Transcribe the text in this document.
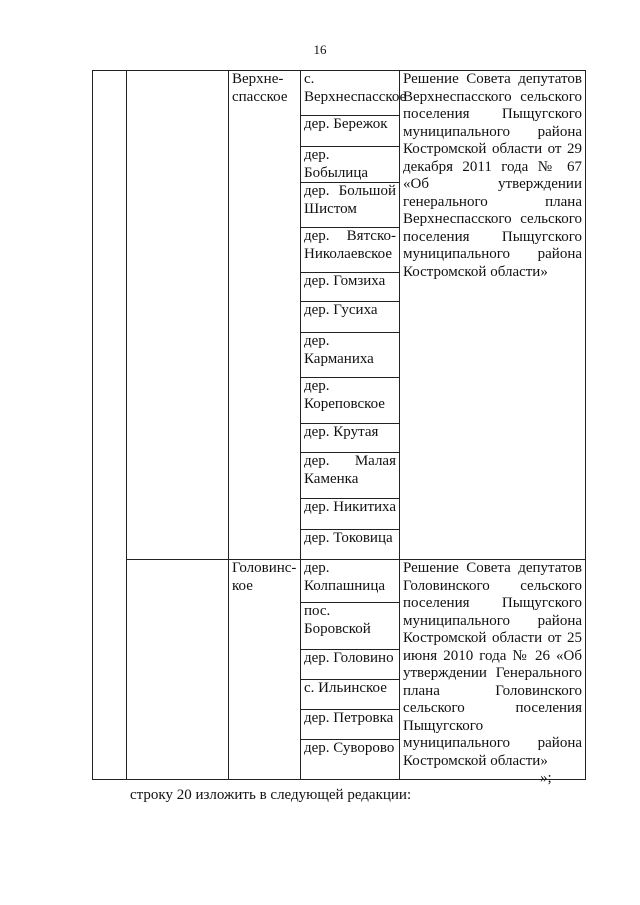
16
		Верхне-спасское	с. Верхнеспасское	Решение Совета депутатов Верхнеспасского сельского поселения Пыщугского муниципального района Костромской области от 29 декабря 2011 года № 67 «Об утверждении генерального плана Верхнеспасского сельского поселения Пыщугского муниципального района Костромской области»
			дер. Бережок	
			дер. Бобылица	
			дер. Большой Шистом	
			дер. Вятско-Николаевское	
			дер. Гомзиха	
			дер. Гусиха	
			дер. Карманиха	
			дер. Кореповское	
			дер. Крутая	
			дер. Малая Каменка	
			дер. Никитиха	
			дер. Токовица	
		Головинс-кое	дер. Колпашница	Решение Совета депутатов Головинского сельского поселения Пыщугского муниципального района Костромской области от 25 июня 2010 года № 26 «Об утверждении Генерального плана Головинского сельского поселения Пыщугского муниципального района Костромской области»
			пос. Боровской	
			дер. Головино	
			с. Ильинское	
			дер. Петровка	
			дер. Суворово	
»;
строку 20 изложить в следующей редакции:
